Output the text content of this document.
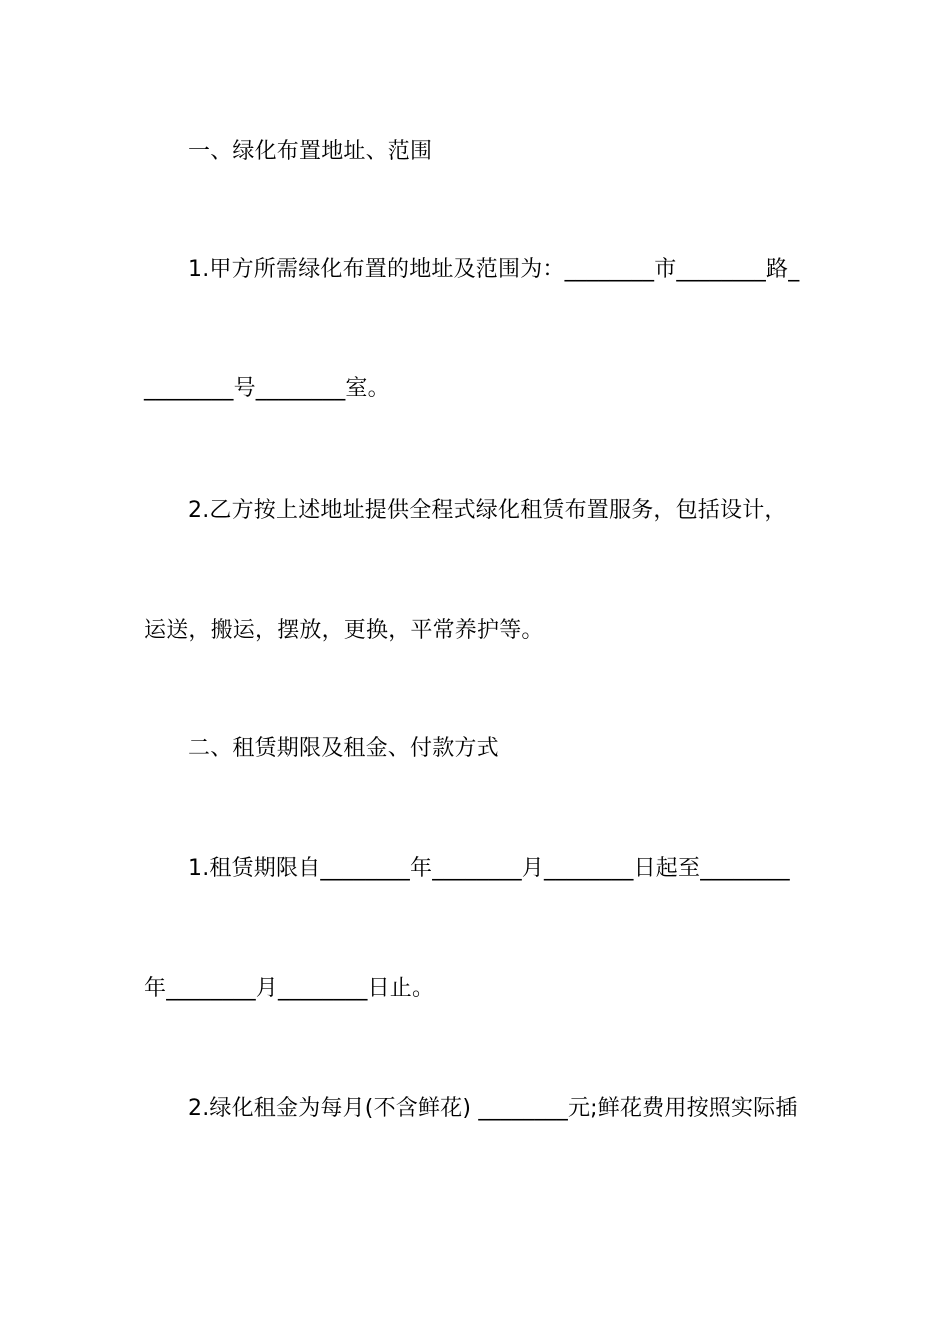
一、绿化布置地址、范围

1.甲方所需绿化布置的地址及范围为：________市________路_

________号________室。

2.乙方按上述地址提供全程式绿化租赁布置服务，包括设计，

运送，搬运，摆放，更换，平常养护等。

二、租赁期限及租金、付款方式

1.租赁期限自________年________月________日起至________

年________月________日止。

2.绿化租金为每月(不含鲜花) ________元;鲜花费用按照实际插
